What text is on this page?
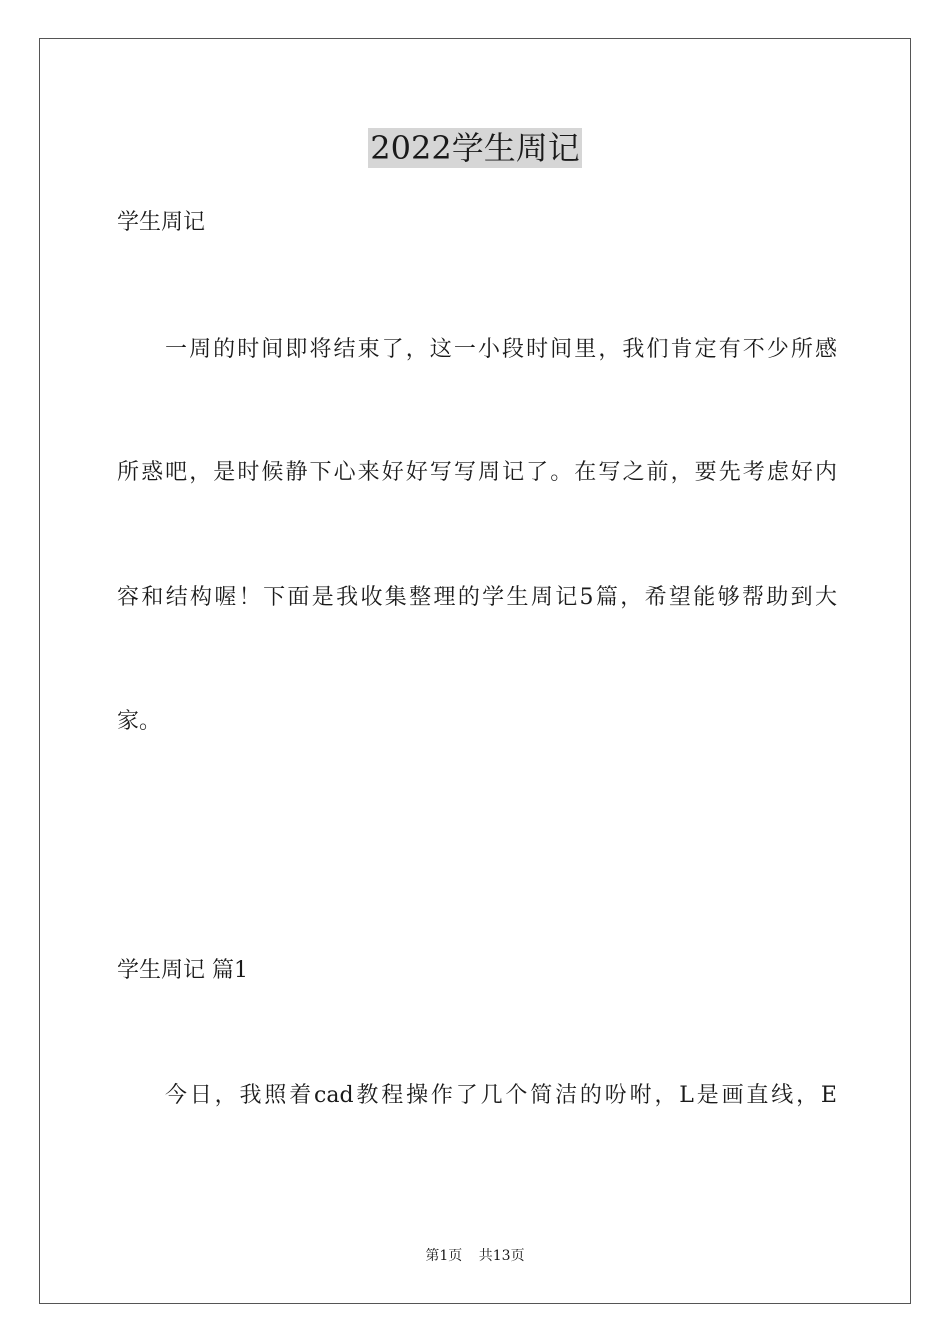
2022学生周记

学生周记

一周的时间即将结束了，这一小段时间里，我们肯定有不少所感

所惑吧，是时候静下心来好好写写周记了。在写之前，要先考虑好内

容和结构喔！下面是我收集整理的学生周记5篇，希望能够帮助到大

家。

学生周记 篇1

今日，我照着cad教程操作了几个简洁的吩咐，L是画直线，E

第1页 共13页
